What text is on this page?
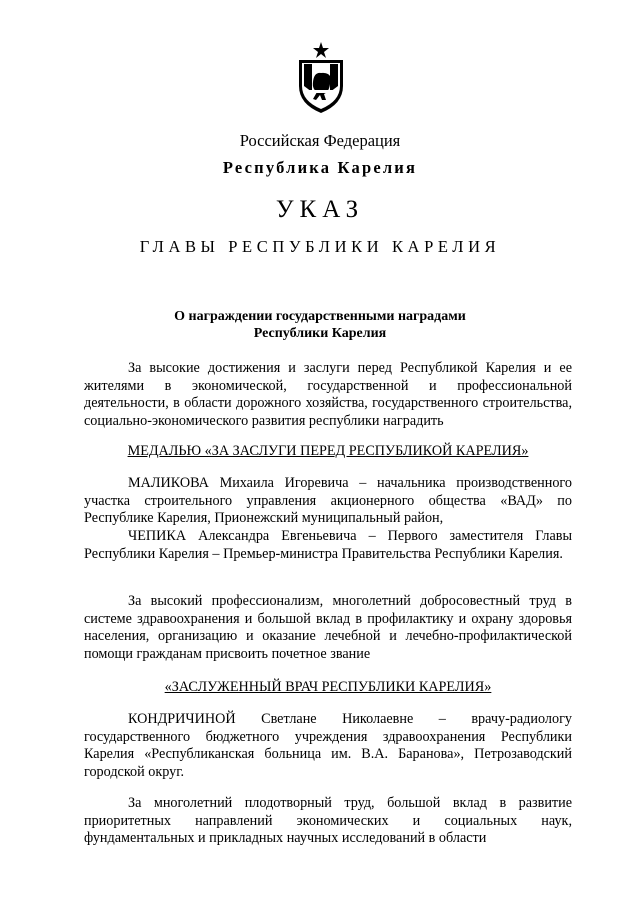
Российская Федерация
Республика Карелия
УКАЗ
ГЛАВЫ РЕСПУБЛИКИ КАРЕЛИЯ
О награждении государственными наградами
Республики Карелия

За высокие достижения и заслуги перед Республикой Карелия и ее жителями в экономической, государственной и профессиональной деятельности, в области дорожного хозяйства, государственного строительства, социально-экономического развития республики наградить

МЕДАЛЬЮ «ЗА ЗАСЛУГИ ПЕРЕД РЕСПУБЛИКОЙ КАРЕЛИЯ»

МАЛИКОВА Михаила Игоревича – начальника производственного участка строительного управления акционерного общества «ВАД» по Республике Карелия, Прионежский муниципальный район,

ЧЕПИКА Александра Евгеньевича – Первого заместителя Главы Республики Карелия – Премьер-министра Правительства Республики Карелия.

За высокий профессионализм, многолетний добросовестный труд в системе здравоохранения и большой вклад в профилактику и охрану здоровья населения, организацию и оказание лечебной и лечебно-профилактической помощи гражданам присвоить почетное звание

«ЗАСЛУЖЕННЫЙ ВРАЧ РЕСПУБЛИКИ КАРЕЛИЯ»

КОНДРИЧИНОЙ Светлане Николаевне – врачу-радиологу государственного бюджетного учреждения здравоохранения Республики Карелия «Республиканская больница им. В.А. Баранова», Петрозаводский городской округ.

За многолетний плодотворный труд, большой вклад в развитие приоритетных направлений экономических и социальных наук, фундаментальных и прикладных научных исследований в области
